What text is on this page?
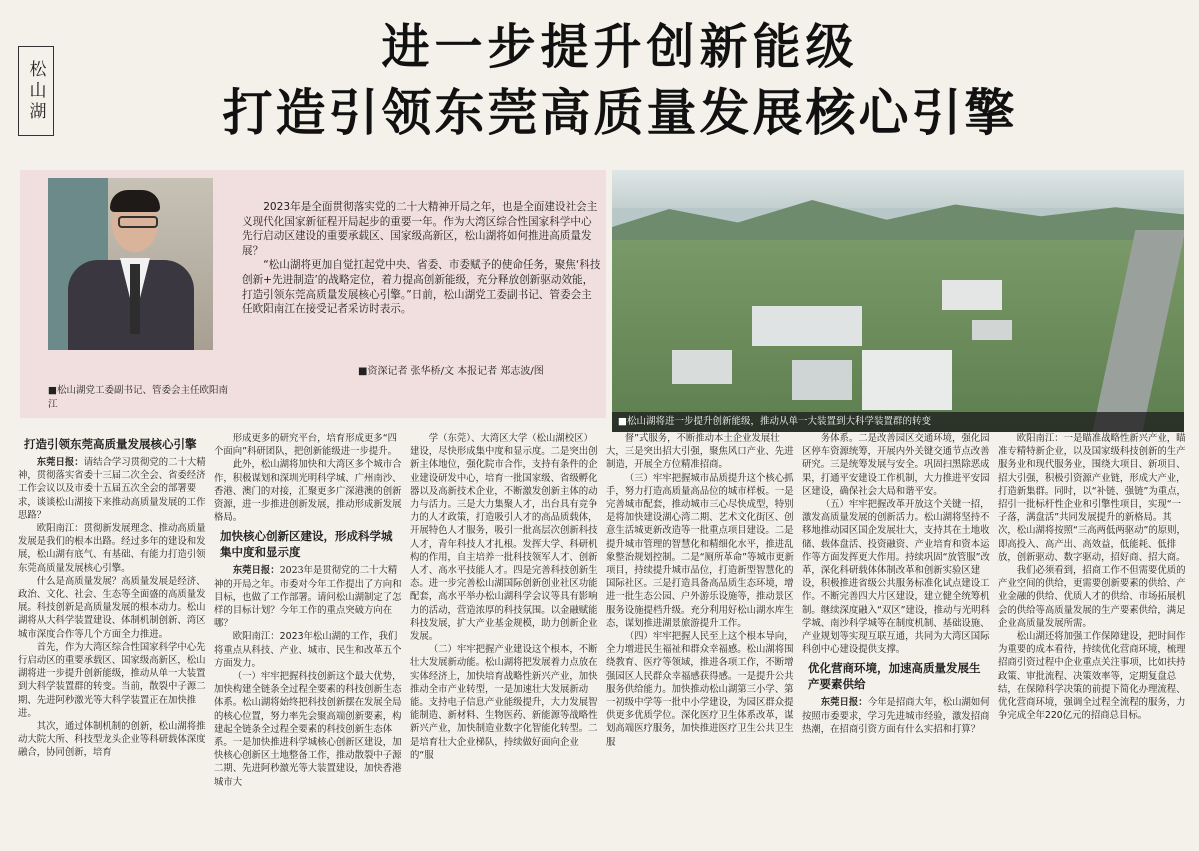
松山湖
进一步提升创新能级
打造引领东莞高质量发展核心引擎
■松山湖党工委副书记、管委会主任欧阳南江

2023年是全面贯彻落实党的二十大精神开局之年，也是全面建设社会主义现代化国家新征程开局起步的重要一年。作为大湾区综合性国家科学中心先行启动区建设的重要承载区、国家级高新区，松山湖将如何推进高质量发展？

“松山湖将更加自觉扛起党中央、省委、市委赋予的使命任务，聚焦‘科技创新+先进制造’的战略定位，着力提高创新能级，充分释放创新驱动效能，打造引领东莞高质量发展核心引擎。”日前，松山湖党工委副书记、管委会主任欧阳南江在接受记者采访时表示。

■资深记者 张华桥/文 本报记者 郑志波/图
■松山湖将进一步提升创新能级，推动从单一大装置到大科学装置群的转变

打造引领东莞高质量发展核心引擎

东莞日报：请结合学习贯彻党的二十大精神，贯彻落实省委十三届二次全会、省委经济工作会议以及市委十五届五次全会的部署要求，谈谈松山湖接下来推动高质量发展的工作思路？

欧阳南江：贯彻新发展理念、推动高质量发展是我们的根本出路。经过多年的建设和发展，松山湖有底气、有基础、有能力打造引领东莞高质量发展核心引擎。

什么是高质量发展？高质量发展是经济、政治、文化、社会、生态等全面盛的高质量发展。科技创新是高质量发展的根本动力。松山湖将从大科学装置建设、体制机制创新、湾区城市深度合作等几个方面全力推进。

首先，作为大湾区综合性国家科学中心先行启动区的重要承载区、国家级高新区，松山湖将进一步提升创新能级，推动从单一大装置到大科学装置群的转变。当前，散裂中子源二期、先进阿秒激光等大科学装置正在加快推进。

其次，通过体制机制的创新，松山湖将推动大院大所、科技型龙头企业等科研载体深度融合，协同创新，培育

形成更多的研究平台，培育形成更多“四个面向”科研团队，把创新能级进一步提升。

此外，松山湖将加快和大湾区多个城市合作，积极谋划和深圳光明科学城、广州南沙、香港、澳门的对接，汇聚更多广深港澳的创新资源，进一步推进创新发展，推动形成新发展格局。

加快核心创新区建设，形成科学城集中度和显示度

东莞日报：2023年是贯彻党的二十大精神的开局之年。市委对今年工作提出了方向和目标，也做了工作部署。请问松山湖制定了怎样的目标计划？今年工作的重点突破方向在哪？

欧阳南江：2023年松山湖的工作，我们将重点从科技、产业、城市、民生和改革五个方面发力。

（一）牢牢把握科技创新这个最大优势，加快构建全链条全过程全要素的科技创新生态体系。松山湖将始终把科技创新摆在发展全局的核心位置，努力率先会聚高端创新要素，构建起全链条全过程全要素的科技创新生态体系。一是加快推进科学城核心创新区建设，加快核心创新区土地整备工作，推动散裂中子源二期、先进阿秒激光等大装置建设，加快香港城市大

学（东莞）、大湾区大学（松山湖校区）建设，尽快形成集中度和显示度。二是突出创新主体地位，强化院市合作，支持有条件的企业建设研发中心，培育一批国家级、省级孵化器以及高新技术企业，不断激发创新主体的动力与活力。三是大力集聚人才，出台具有竞争力的人才政策，打造吸引人才的高品质载体，开展特色人才服务，吸引一批高层次创新科技人才，青年科技人才扎根。发挥大学、科研机构的作用，自主培养一批科技领军人才、创新人才、高水平技能人才。四是完善科技创新生态。进一步完善松山湖国际创新创业社区功能配套，高水平举办松山湖科学会议等具有影响力的活动，营造浓厚的科技氛围。以金融赋能科技发展，扩大产业基金规模，助力创新企业发展。

（二）牢牢把握产业建设这个根本，不断壮大发展新动能。松山湖将把发展着力点放在实体经济上，加快培育战略性新兴产业，加快推动全市产业转型，一是加速壮大发展新动能。支持电子信息产业能级提升，大力发展智能制造、新材料、生物医药、新能源等战略性新兴产业，加快制造业数字化智能化转型。二是培育壮大企业梯队，持续做好面向企业的“服

督”式服务，不断推动本土企业发展壮大，三是突出招大引强，聚焦风口产业、先进制造，开展全方位精准招商。

（三）牢牢把握城市品质提升这个核心抓手，努力打造高质量高品位的城市样板。一是完善城市配套，推动城市三心尽快成型，特别是将加快建设湖心湾二期、艺术文化街区、创意生活城更新改造等一批重点项目建设。二是提升城市管理的智慧化和精细化水平，推进乱象整治规划控制。二是“厕所革命”等城市更新项目，持续提升城市品位，打造新型智慧化的国际社区。三是打造具备高品质生态环境，增进一批生态公园、户外游乐设施等，推动景区服务设施提档升级。充分利用好松山湖水库生态，谋划推进湖景旅游提升工作。

（四）牢牢把握人民至上这个根本导向，全力增进民生福祉和群众幸福感。松山湖将围绕教育、医疗等领域，推进各项工作，不断增强园区人民群众幸福感获得感。一是提升公共服务供给能力。加快推动松山湖第三小学、第一初级中学等一批中小学建设，为园区群众提供更多优质学位。深化医疗卫生体系改革，谋划高端医疗服务，加快推进医疗卫生公共卫生服

务体系。二是改善园区交通环境，强化园区停车资源统筹，开展内外关键交通节点改善研究。三是统筹发展与安全。巩固扫黑除恶成果，打通平安建设工作机制，大力推进平安园区建设，确保社会大局和谐平安。

（五）牢牢把握改革开放这个关键一招，激发高质量发展的创新活力。松山湖将坚持不移地推动园区国企发展壮大，支持其在土地收储、载体盘活、投资融资、产业培育和资本运作等方面发挥更大作用。持续巩固“放管服”改革，深化科研载体体制改革和创新实验区建设，积极推进省级公共服务标准化试点建设工作。不断完善四大片区建设，建立健全统筹机制。继续深度融入“双区”建设，推动与光明科学城、南沙科学城等在制度机制、基础设施、产业规划等实现互联互通，共同为大湾区国际科创中心建设提供支撑。

优化营商环境，加速高质量发展生产要素供给

东莞日报：今年是招商大年，松山湖如何按照市委要求，学习先进城市经验，激发招商热潮，在招商引资方面有什么实招和打算？

欧阳南江：一是瞄准战略性新兴产业，瞄准专精特新企业，以及国家级科技创新的生产服务业和现代服务业，围绕大项目、新项目、招大引强，积极引资源产业链，形成大产业，打造新集群。同时，以“补链、强链”为重点，招引一批标杆性企业和引擎性项目，实现“一子落，满盘活”共同发展提升的新格局。其次，松山湖将按照“三高两低两驱动”的原则，即高投入、高产出、高效益，低能耗、低排放，创新驱动、数字驱动，招好商、招大商。

我们必须看到，招商工作不但需要优质的产业空间的供给，更需要创新要素的供给、产业金融的供给、优质人才的供给、市场拓展机会的供给等高质量发展的生产要素供给，满足企业高质量发展所需。

松山湖还将加强工作保障建设，把时间作为重要的成本看待，持续优化营商环境，梳理招商引资过程中企业重点关注事项，比如扶持政策、审批流程、决策效率等，定期复盘总结，在保障科学决策的前提下简化办理流程、优化营商环境，强调全过程全流程的服务，力争完成全年220亿元的招商总目标。
